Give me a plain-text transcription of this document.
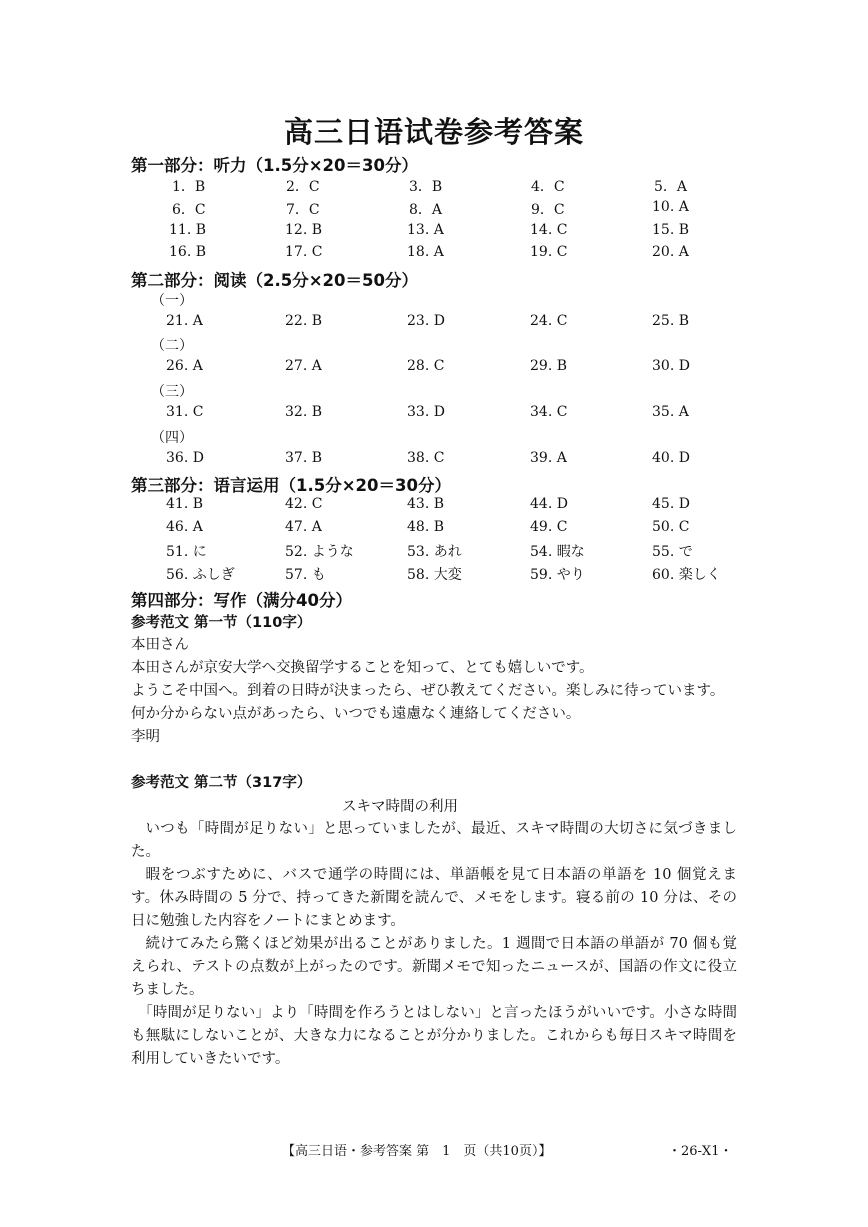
高三日语试卷参考答案
第一部分：听力（1.5分×20＝30分）
1．B	2．C	3．B	4．C	5．A
6．C	7．C	8．A	9．C	10. A
11. B	12. B	13. A	14. C	15. B
16. B	17. C	18. A	19. C	20. A
第二部分：阅读（2.5分×20＝50分）
（一）
21. A	22. B	23. D	24. C	25. B
（二）
26. A	27. A	28. C	29. B	30. D
（三）
31. C	32. B	33. D	34. C	35. A
（四）
36. D	37. B	38. C	39. A	40. D
第三部分：语言运用（1.5分×20＝30分）
41. B	42. C	43. B	44. D	45. D
46. A	47. A	48. B	49. C	50. C
51. に	52. ような	53. あれ	54. 暇な	55. で
56. ふしぎ	57. も	58. 大変	59. やり	60. 楽しく
第四部分：写作（满分40分）
参考范文 第一节（110字）
本田さん
本田さんが京安大学へ交換留学することを知って、とても嬉しいです。
ようこそ中国へ。到着の日時が決まったら、ぜひ教えてください。楽しみに待っています。
何か分からない点があったら、いつでも遠慮なく連絡してください。
李明
参考范文 第二节（317字）
スキマ時間の利用
いつも「時間が足りない」と思っていましたが、最近、スキマ時間の大切さに気づきました。
暇をつぶすために、バスで通学の時間には、単語帳を見て日本語の単語を 10 個覚えます。休み時間の 5 分で、持ってきた新聞を読んで、メモをします。寝る前の 10 分は、その日に勉強した内容をノートにまとめます。
続けてみたら驚くほど効果が出ることがありました。1 週間で日本語の単語が 70 個も覚えられ、テストの点数が上がったのです。新聞メモで知ったニュースが、国語の作文に役立ちました。
「時間が足りない」より「時間を作ろうとはしない」と言ったほうがいいです。小さな時間も無駄にしないことが、大きな力になることが分かりました。これからも毎日スキマ時間を利用していきたいです。
【高三日语・参考答案 第　1　页（共10页）】	・26-X1・
